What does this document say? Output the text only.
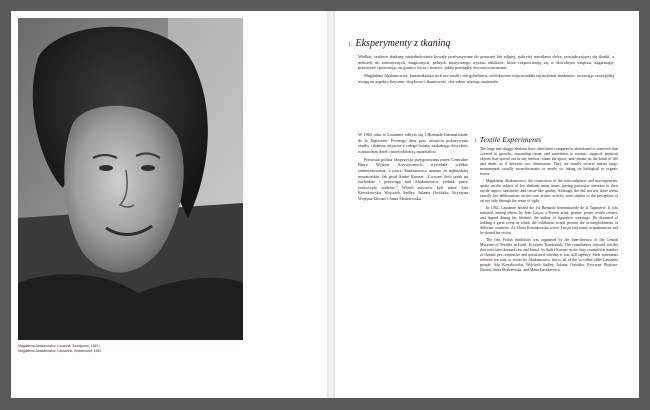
Magdalena Abakanowicz, Lozanna, Szwajcaria, 1962 r.
Magdalena Abakanowicz, Lausanne, Switzerland, 1962
1. Eksperymenty z tkaniną

Wielkie, szalowe abakany niejednokrotnie bywały porównywane do pozarnej lub zdjętej, pokrytej naroślami skóry, powiększającej się tkanki, a niekiedy do totemicznych, magicznych, pełnych mistycznego wyrazu obiektów, które rozpościerają się w dowolnym wnętrzu, zagarniając przestrzeń i pozostając na granicy życia i śmierci, jakby pomiędzy dwoma wymiarami.

Magdalena Abakanowicz, konstruktorka tych nie-rzeźb i nie-gobelinów, wielokrotnie wypowiadała się na temat abakanów, zwracając szczególną uwagę na aspekty fizyczne, dotykowe i tkaniowość, cha-rakter użytego materiału.

W 1962 roku w Lozannie odbyło się I Biennale Internationale de la Tapisserie. Pewnego dnia przy otwarciu pokazywano rzeźby i tkaniny artystów z całego świata, zaskakując krytyków rozmachem dzieł i niezwykłością materiałów.

Pierwsza polska ekspozycja przygotowana przez Centralne Biuro Wystaw Artystycznych wywołała wielkie zainteresowanie, a prace Abakanowicz uznano za najbardziej nowatorskie. Jak pisał André Kuenzi: „Liczone ilość sztuk na zachodzie i przewagę nad Abakanowicz, jednak prace zaskoczyły widzów.” Wśród artystów byli także Ada Kierzkowska, Wojciech Sadley, Jolanta Owidzka, Krystyna Wojtyna-Drouet i Anna Śledziewska.

1. Textile Experiments

The huge and shaggy abakans have often been compared to abandoned or removed skin covered in growths, expanding tissue, and sometimes to totemic, magical, mystical objects that spread out in any interior, claim the space, and remain on the brink of life and death, as if between two dimensions. They are mostly several metres large, monumental, usually monochromatic or nearly so, taking on biological or organic forms.

Magdalena Abakanowicz, the constructor of the non-sculptures and non-tapestries, spoke on the subject of her abakans many times, paying particular attention to their tactile aspect, sensitivity and tissue-like quality. Although she did not use these terms exactly, her deliberations on her own artistic activity were similar to the perception of art not only through the sense of sight.

In 1962, Lausanne hosted the 1st Biennale Internationale de la Tapisserie. It was initiated, among others, by Jean Lurçat, a French artist, painter, potter, textile creator, and legend during his lifetime, the author of figurative weavings. He dreamed of holding a great event in which the exhibition would present the accomplishments of different countries. As Maria Kossakowska wrote, Lurçat had many acquaintances and he shared his vision.

The first Polish exhibition was organised by the then-director of the Central Museum of Textiles in Łódź, Krystyna Kondratiuk. The consultation selected textiles that were later deemed raw and brutal. As André Kuenzi wrote: they counted the number of threads per centimetre and questioned whether it was still tapestry. Such statements referred not only to works by Abakanowicz, but to all of the so-called older Lausanne people: Ada Kierzkowska, Wojciech Sadley, Jolanta Owidzka, Krystyna Wojtyna-Drouet, Anna Śledziewska, and Maria Łaszkiewicz.
